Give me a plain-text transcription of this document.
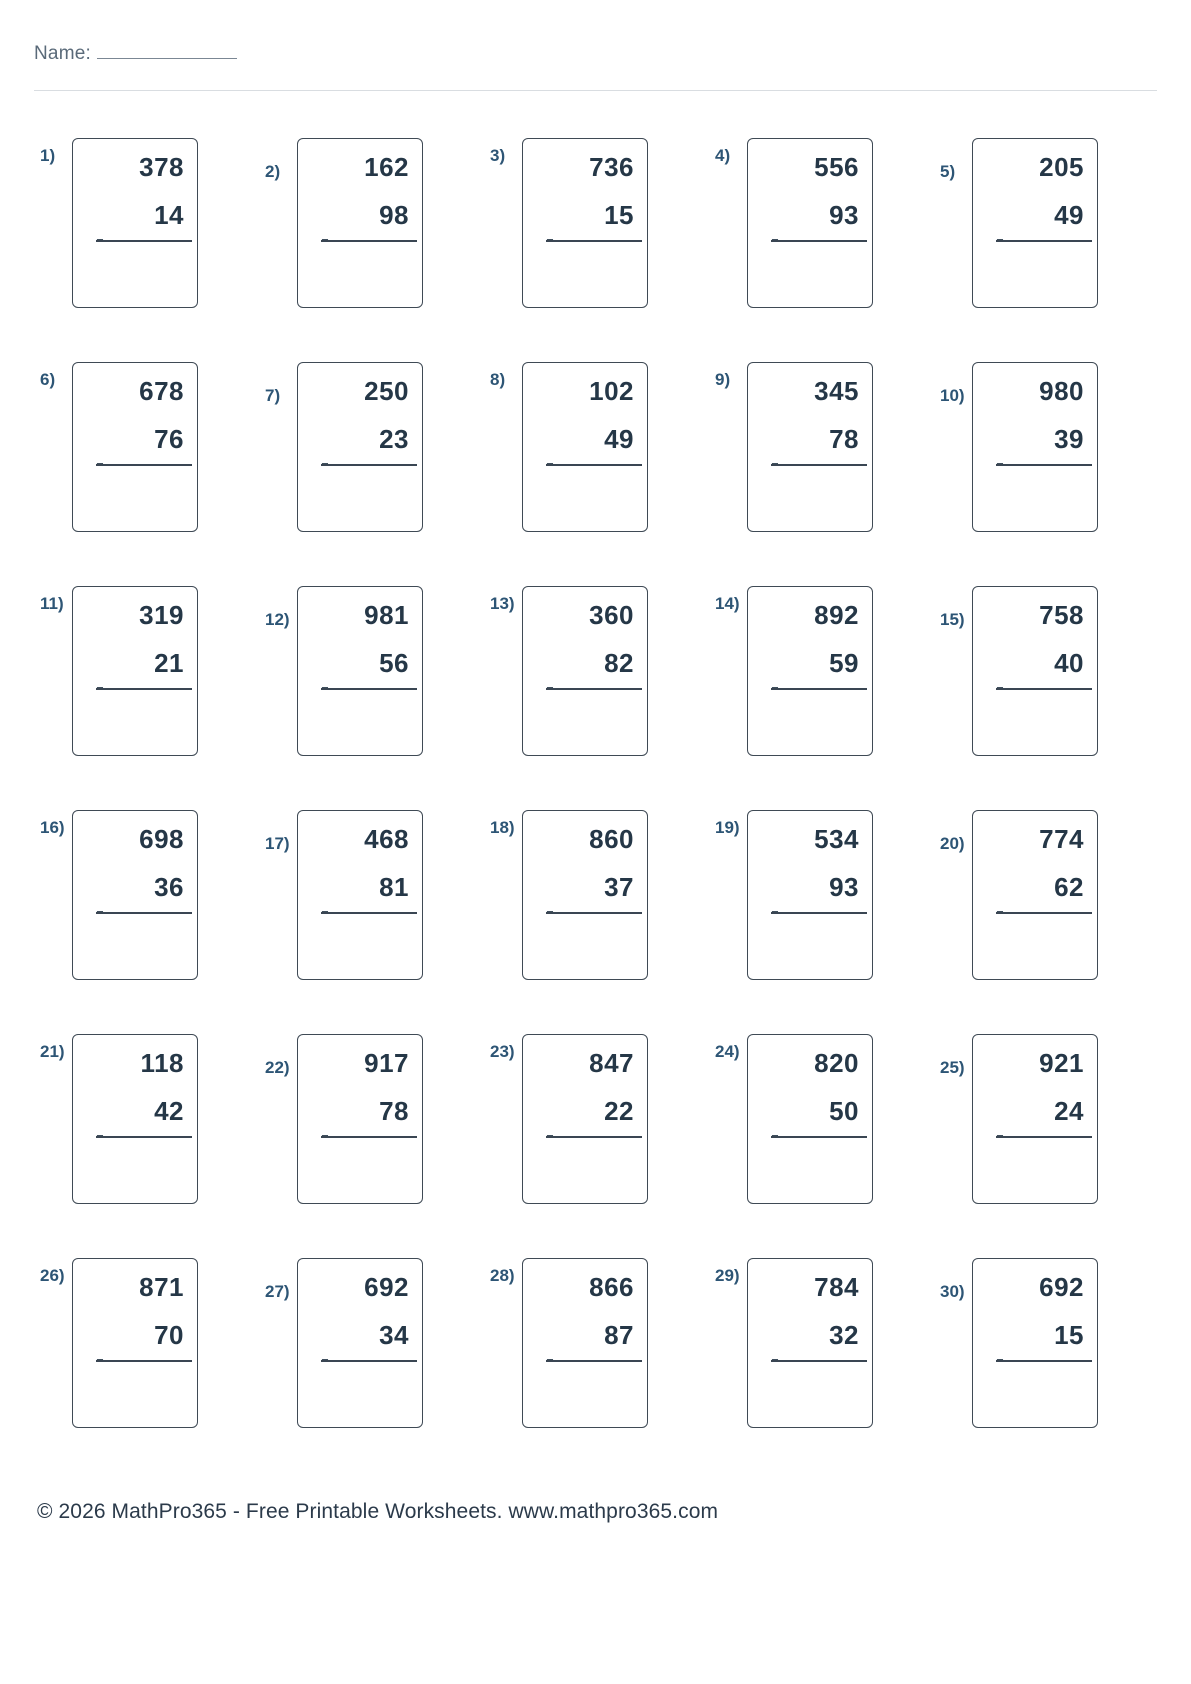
Name:
1)	378
14
2)	162
98
3)	736
15
4)	556
93
5)	205
49
6)	678
76
7)	250
23
8)	102
49
9)	345
78
10)	980
39
11)	319
21
12)	981
56
13)	360
82
14)	892
59
15)	758
40
16)	698
36
17)	468
81
18)	860
37
19)	534
93
20)	774
62
21)	118
42
22)	917
78
23)	847
22
24)	820
50
25)	921
24
26)	871
70
27)	692
34
28)	866
87
29)	784
32
30)	692
15
© 2026 MathPro365 - Free Printable Worksheets. www.mathpro365.com
